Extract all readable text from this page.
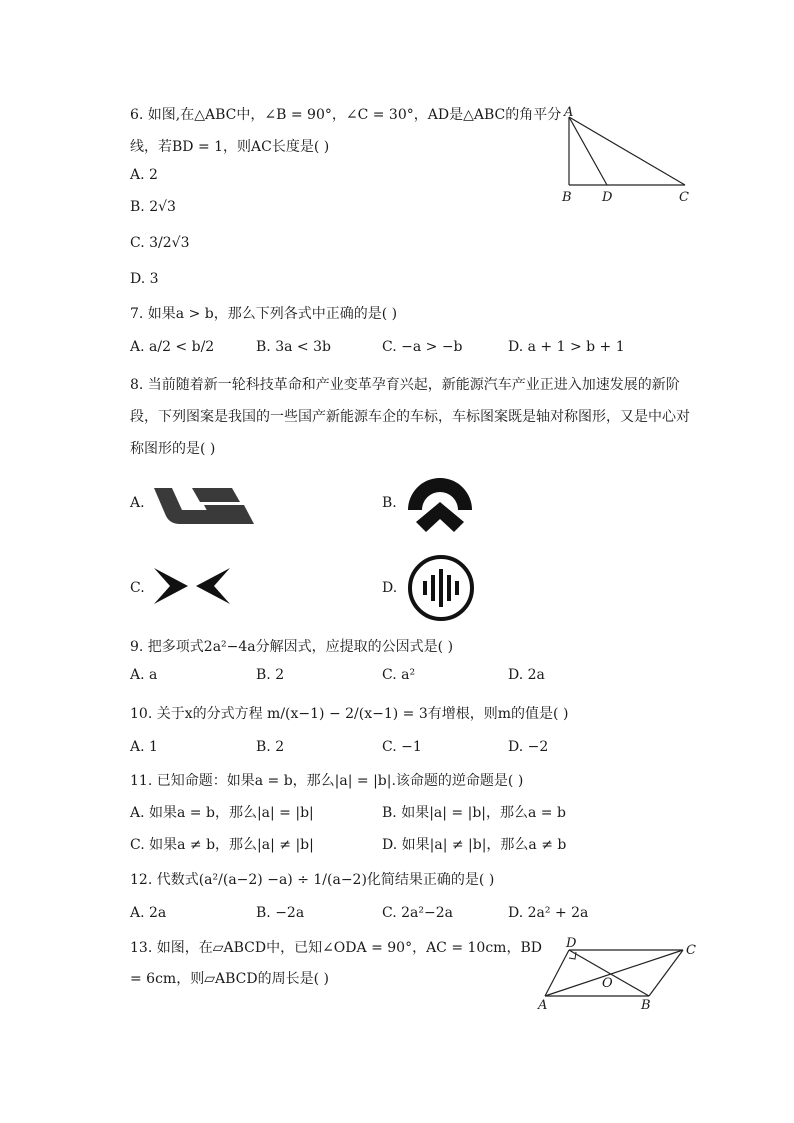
6. 如图,在△ABC中，∠B = 90°，∠C = 30°，AD是△ABC的角平分
线，若BD = 1，则AC长度是( )
A. 2
B. 2√3
C. 3/2√3
D. 3
A
B D	C
7. 如果a > b，那么下列各式中正确的是( )
A. a/2 < b/2	B. 3a < 3b	C. −a > −b	D. a + 1 > b + 1
8. 当前随着新一轮科技革命和产业变革孕育兴起，新能源汽车产业正进入加速发展的新阶
段，下列图案是我国的一些国产新能源车企的车标，车标图案既是轴对称图形，又是中心对
称图形的是( )
A.	B.
C.	D.
9. 把多项式2a²−4a分解因式，应提取的公因式是( )
A. a	B. 2	C. a²	D. 2a
10. 关于x的分式方程 m/(x−1) − 2/(x−1) = 3有增根，则m的值是( )
A. 1	B. 2	C. −1	D. −2
11. 已知命题：如果a = b，那么|a| = |b|.该命题的逆命题是( )
A. 如果a = b，那么|a| = |b|	B. 如果|a| = |b|，那么a = b
C. 如果a ≠ b，那么|a| ≠ |b|	D. 如果|a| ≠ |b|，那么a ≠ b
12. 代数式(a²/(a−2) −a) ÷ 1/(a−2)化简结果正确的是( )
A. 2a	B. −2a	C. 2a²−2a	D. 2a² + 2a
13. 如图，在▱ABCD中，已知∠ODA = 90°，AC = 10cm，BD
= 6cm，则▱ABCD的周长是( )
D	C
O
A	B
